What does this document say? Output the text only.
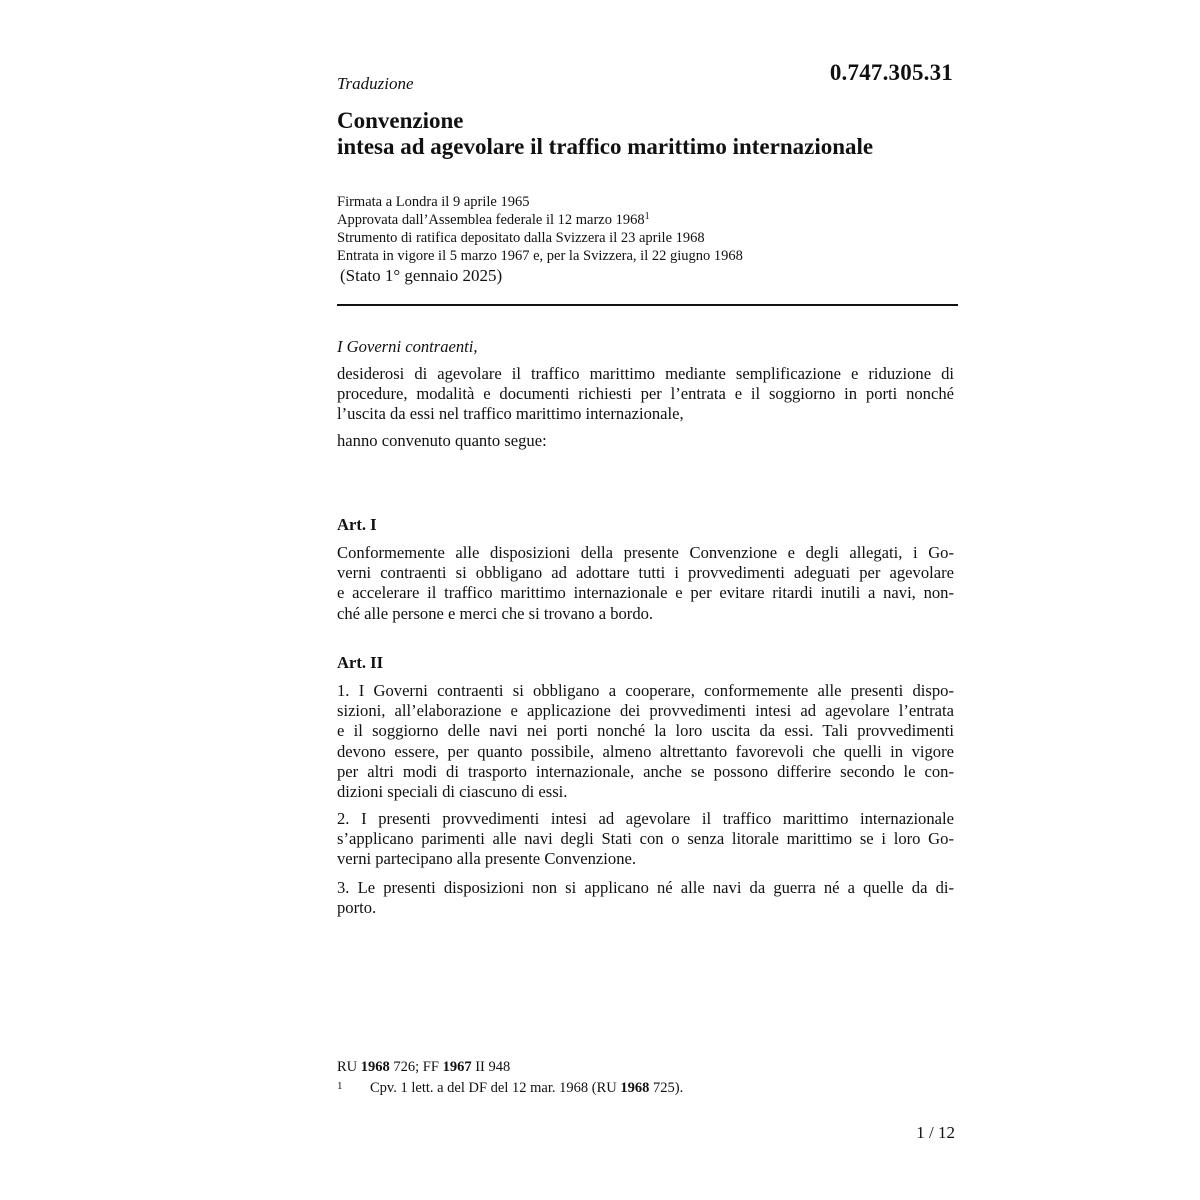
Traduzione	0.747.305.31
Convenzione
intesa ad agevolare il traffico marittimo internazionale
Firmata a Londra il 9 aprile 1965
Approvata dall’Assemblea federale il 12 marzo 1968$^1$
Strumento di ratifica depositato dalla Svizzera il 23 aprile 1968
Entrata in vigore il 5 marzo 1967 e, per la Svizzera, il 22 giugno 1968
(Stato 1° gennaio 2025)
I Governi contraenti,
desiderosi di agevolare il traffico marittimo mediante semplificazione e riduzione di
procedure, modalità e documenti richiesti per l’entrata e il soggiorno in porti nonché
l’uscita da essi nel traffico marittimo internazionale,
hanno convenuto quanto segue:
Art. I
Conformemente alle disposizioni della presente Convenzione e degli allegati, i Go-
verni contraenti si obbligano ad adottare tutti i provvedimenti adeguati per agevolare
e accelerare il traffico marittimo internazionale e per evitare ritardi inutili a navi, non-
ché alle persone e merci che si trovano a bordo.
Art. II
1. I Governi contraenti si obbligano a cooperare, conformemente alle presenti dispo-
sizioni, all’elaborazione e applicazione dei provvedimenti intesi ad agevolare l’entrata
e il soggiorno delle navi nei porti nonché la loro uscita da essi. Tali provvedimenti
devono essere, per quanto possibile, almeno altrettanto favorevoli che quelli in vigore
per altri modi di trasporto internazionale, anche se possono differire secondo le con-
dizioni speciali di ciascuno di essi.
2. I presenti provvedimenti intesi ad agevolare il traffico marittimo internazionale
s’applicano parimenti alle navi degli Stati con o senza litorale marittimo se i loro Go-
verni partecipano alla presente Convenzione.
3. Le presenti disposizioni non si applicano né alle navi da guerra né a quelle da di-
porto.
RU 1968 726; FF 1967 II 948
1 Cpv. 1 lett. a del DF del 12 mar. 1968 (RU 1968 725).
1 / 12
